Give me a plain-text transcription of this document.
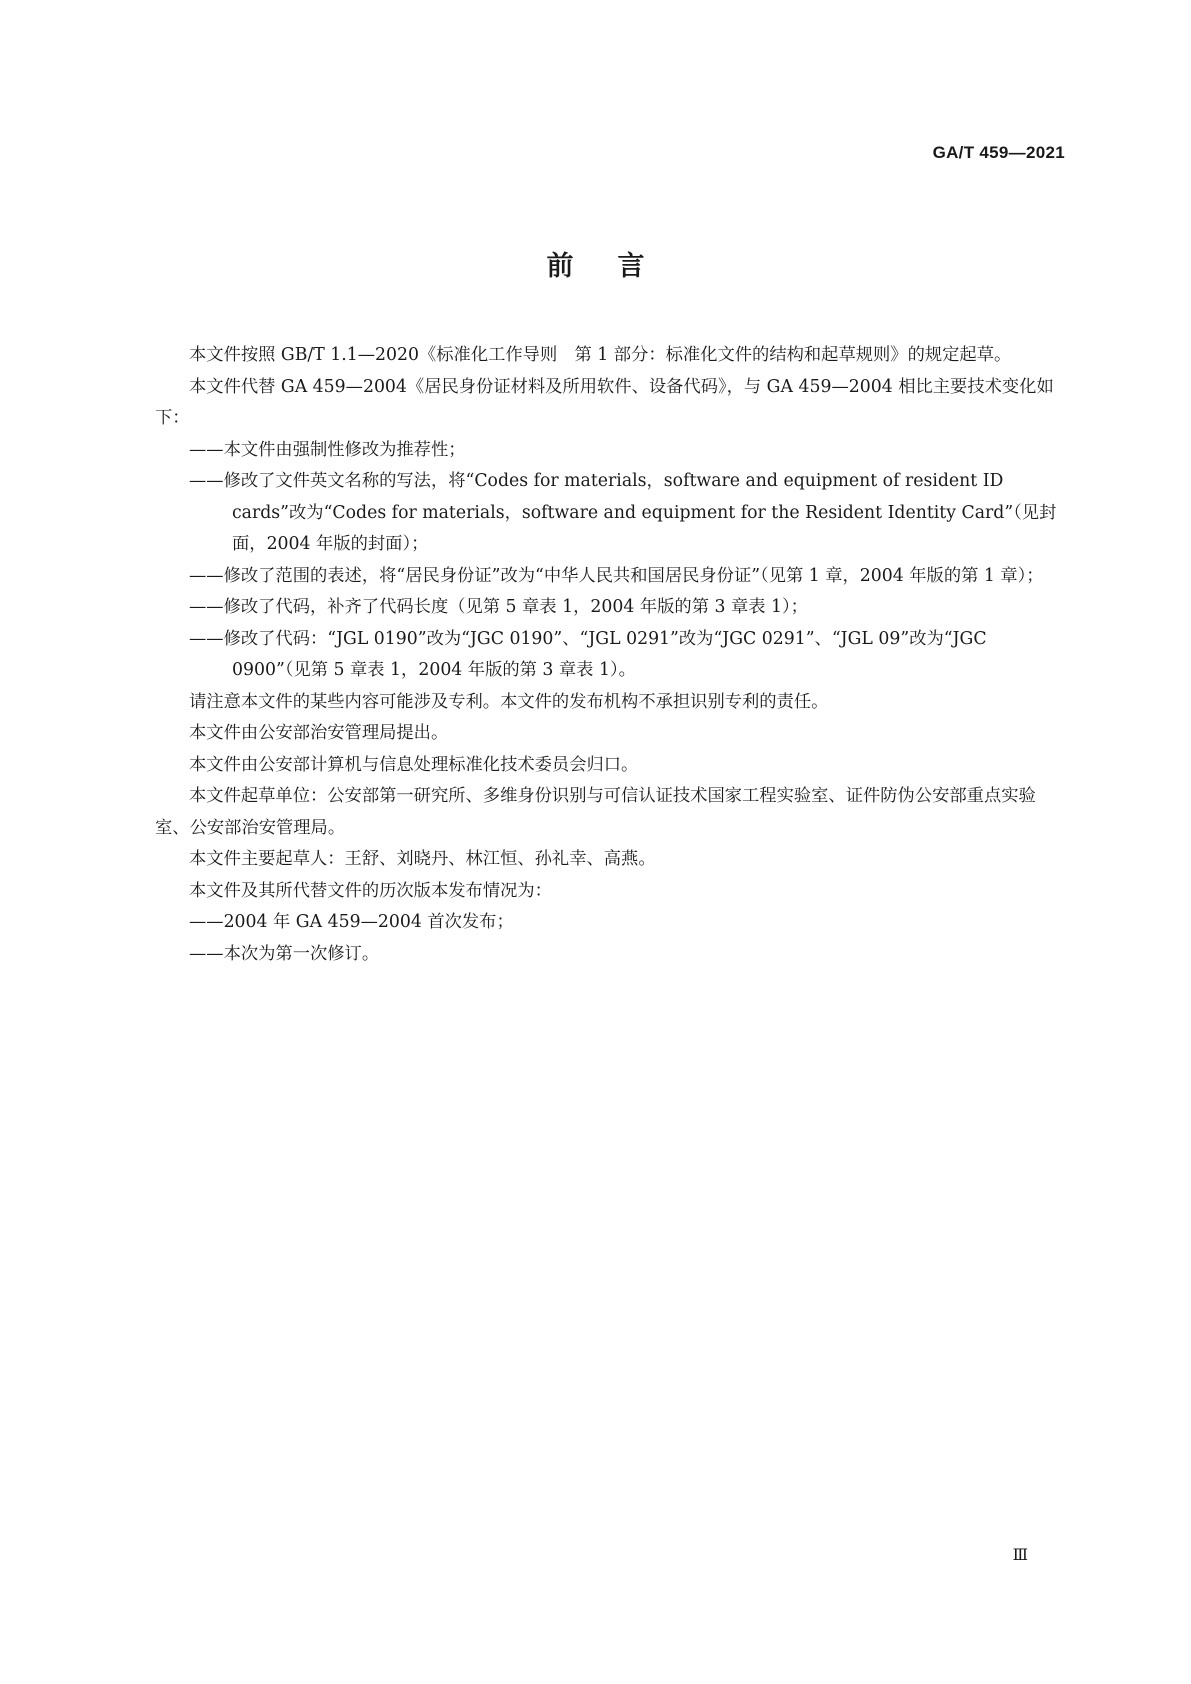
GA/T 459—2021
前言

本文件按照 GB/T 1.1—2020《标准化工作导则　第 1 部分：标准化文件的结构和起草规则》的规定起草。

本文件代替 GA 459—2004《居民身份证材料及所用软件、设备代码》，与 GA 459—2004 相比主要技术变化如下：

——本文件由强制性修改为推荐性；

——修改了文件英文名称的写法，将“Codes for materials，software and equipment of resident ID cards”改为“Codes for materials，software and equipment for the Resident Identity Card”（见封面，2004 年版的封面）；

——修改了范围的表述，将“居民身份证”改为“中华人民共和国居民身份证”（见第 1 章，2004 年版的第 1 章）；

——修改了代码，补齐了代码长度（见第 5 章表 1，2004 年版的第 3 章表 1）；

——修改了代码：“JGL 0190”改为“JGC 0190”、“JGL 0291”改为“JGC 0291”、“JGL 09”改为“JGC 0900”（见第 5 章表 1，2004 年版的第 3 章表 1）。

请注意本文件的某些内容可能涉及专利。本文件的发布机构不承担识别专利的责任。

本文件由公安部治安管理局提出。

本文件由公安部计算机与信息处理标准化技术委员会归口。

本文件起草单位：公安部第一研究所、多维身份识别与可信认证技术国家工程实验室、证件防伪公安部重点实验室、公安部治安管理局。

本文件主要起草人：王舒、刘晓丹、林江恒、孙礼幸、高燕。

本文件及其所代替文件的历次版本发布情况为：

——2004 年 GA 459—2004 首次发布；

——本次为第一次修订。

Ⅲ
